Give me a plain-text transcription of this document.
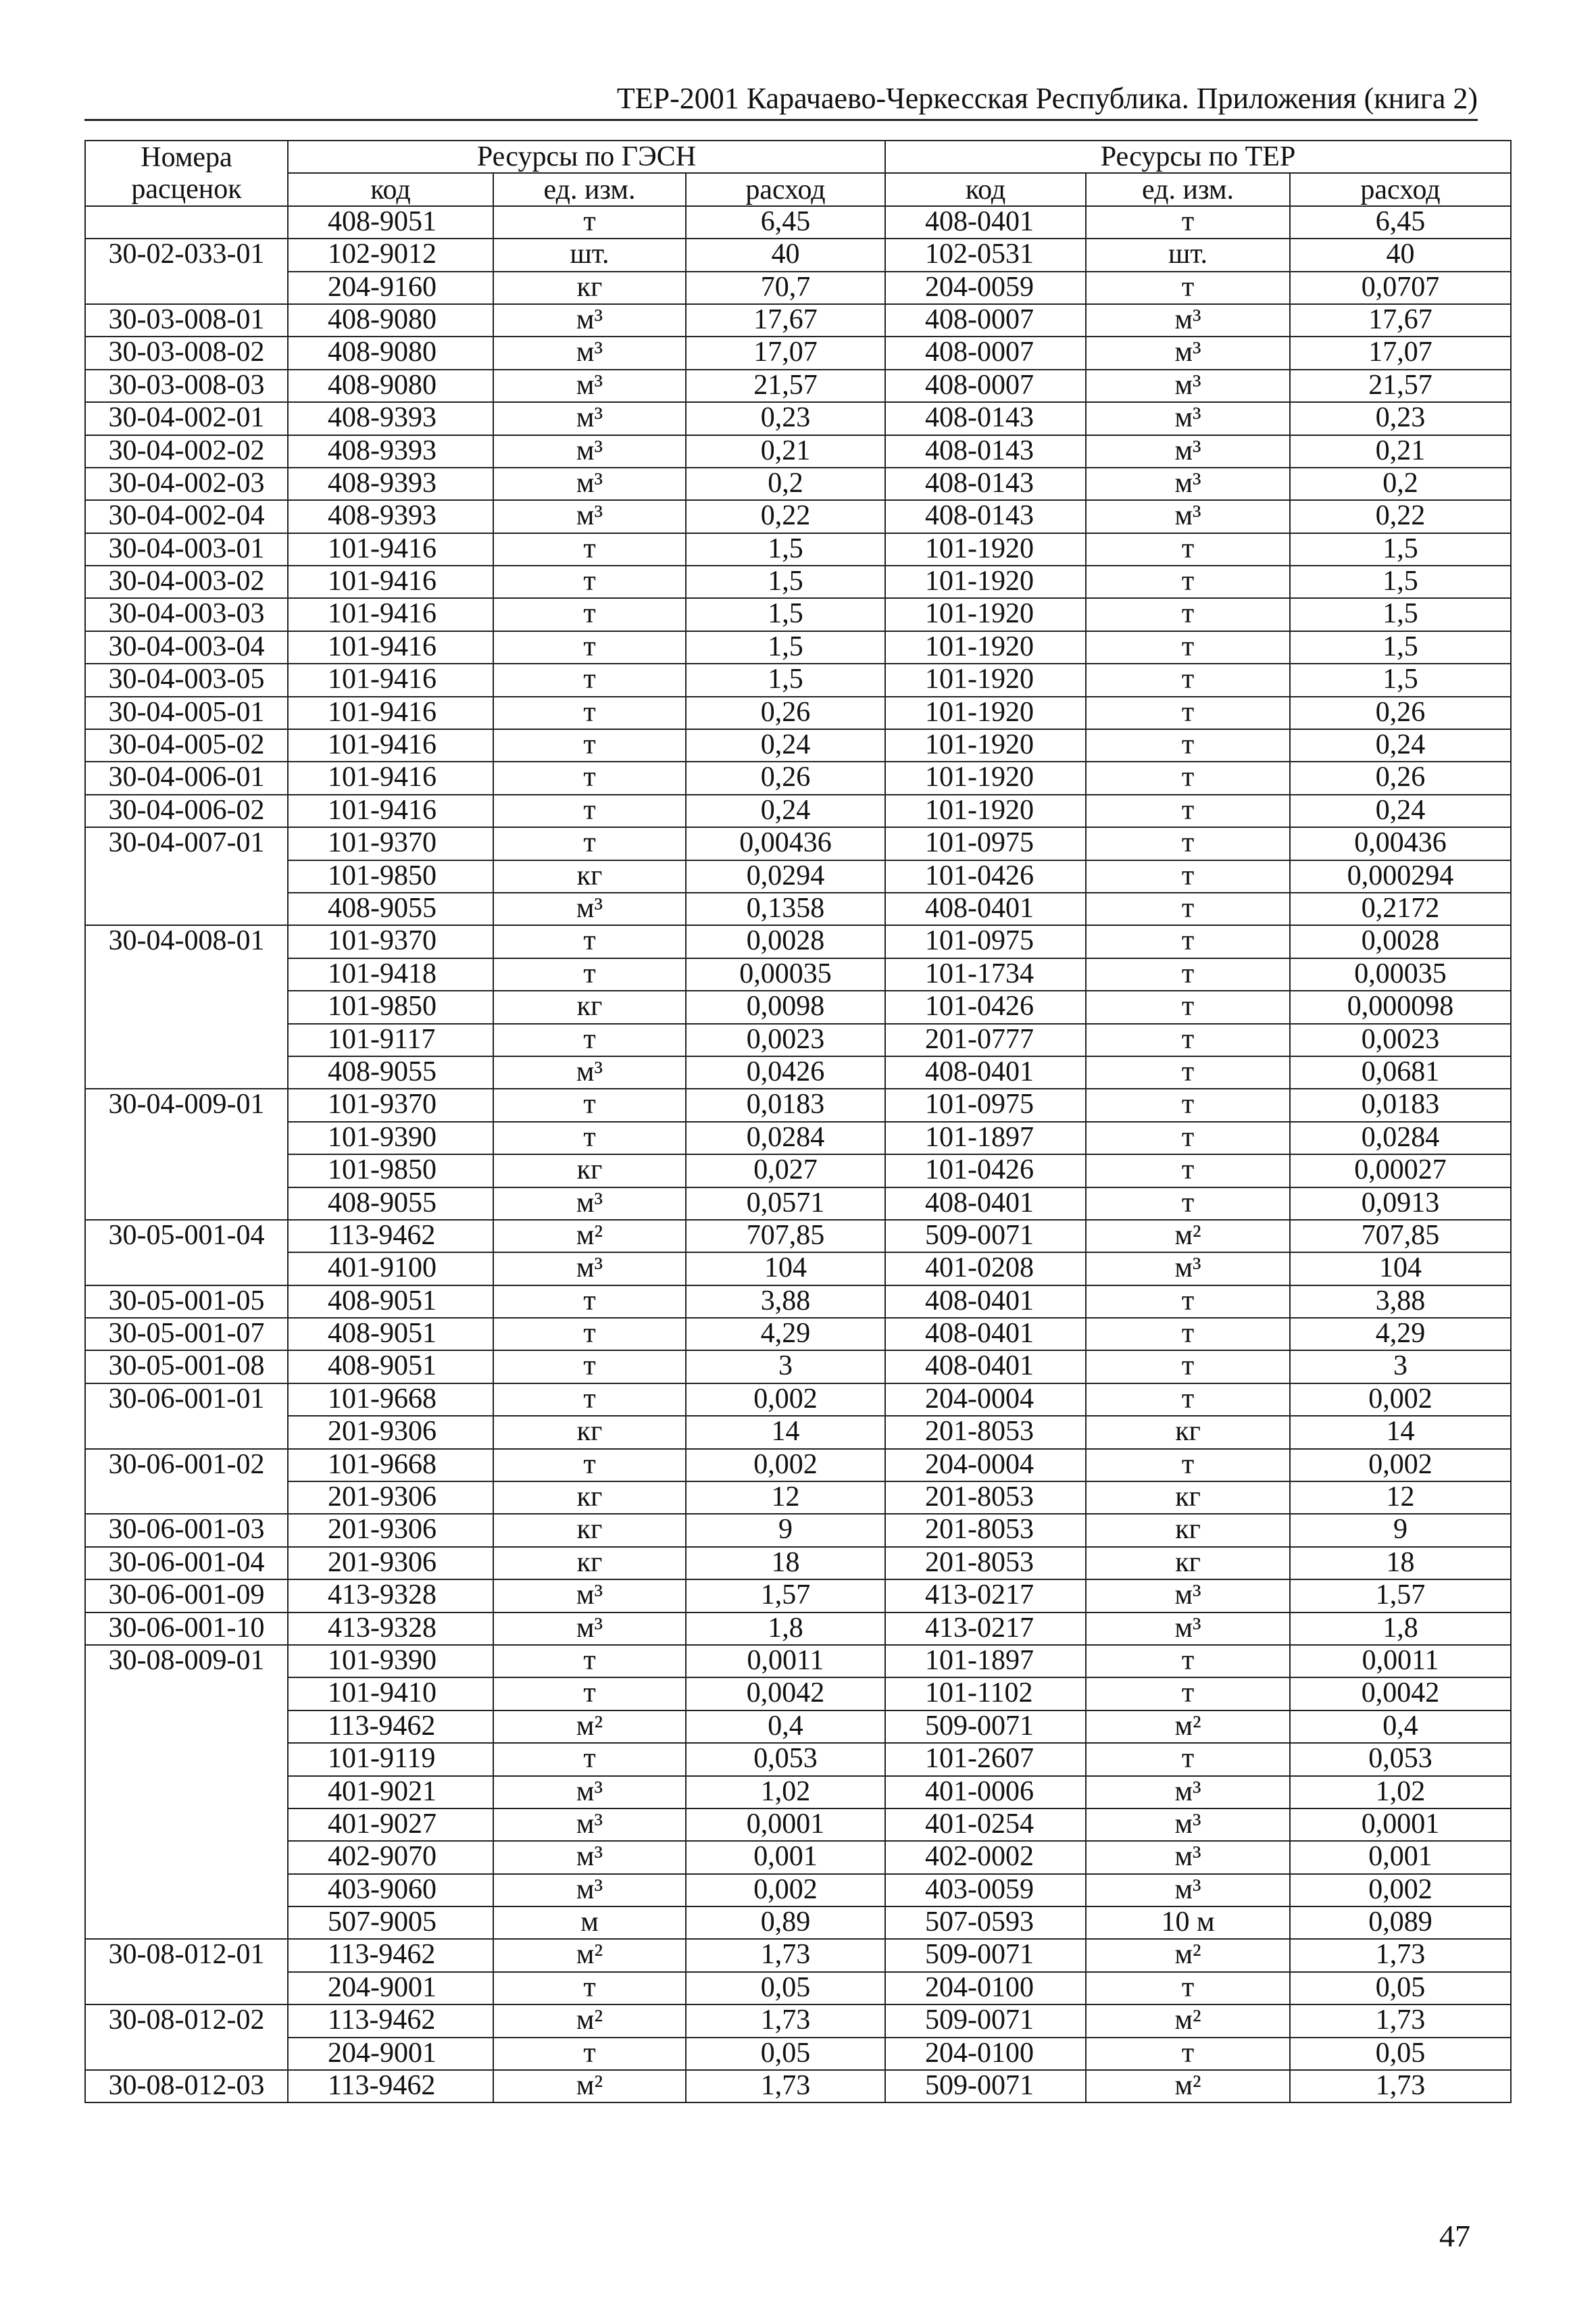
ТЕР-2001 Карачаево-Черкесская Республика. Приложения (книга 2)
Номера	Ресурсы по ГЭСН			Ресурсы по ТЕР		
расценок	код	ед. изм.	расход	код	ед. изм.	расход
	408-9051	т	6,45	408-0401	т	6,45
30-02-033-01	102-9012	шт.	40	102-0531	шт.	40
	204-9160	кг	70,7	204-0059	т	0,0707
30-03-008-01	408-9080	м³	17,67	408-0007	м³	17,67
30-03-008-02	408-9080	м³	17,07	408-0007	м³	17,07
30-03-008-03	408-9080	м³	21,57	408-0007	м³	21,57
30-04-002-01	408-9393	м³	0,23	408-0143	м³	0,23
30-04-002-02	408-9393	м³	0,21	408-0143	м³	0,21
30-04-002-03	408-9393	м³	0,2	408-0143	м³	0,2
30-04-002-04	408-9393	м³	0,22	408-0143	м³	0,22
30-04-003-01	101-9416	т	1,5	101-1920	т	1,5
30-04-003-02	101-9416	т	1,5	101-1920	т	1,5
30-04-003-03	101-9416	т	1,5	101-1920	т	1,5
30-04-003-04	101-9416	т	1,5	101-1920	т	1,5
30-04-003-05	101-9416	т	1,5	101-1920	т	1,5
30-04-005-01	101-9416	т	0,26	101-1920	т	0,26
30-04-005-02	101-9416	т	0,24	101-1920	т	0,24
30-04-006-01	101-9416	т	0,26	101-1920	т	0,26
30-04-006-02	101-9416	т	0,24	101-1920	т	0,24
30-04-007-01	101-9370	т	0,00436	101-0975	т	0,00436
	101-9850	кг	0,0294	101-0426	т	0,000294
	408-9055	м³	0,1358	408-0401	т	0,2172
30-04-008-01	101-9370	т	0,0028	101-0975	т	0,0028
	101-9418	т	0,00035	101-1734	т	0,00035
	101-9850	кг	0,0098	101-0426	т	0,000098
	101-9117	т	0,0023	201-0777	т	0,0023
	408-9055	м³	0,0426	408-0401	т	0,0681
30-04-009-01	101-9370	т	0,0183	101-0975	т	0,0183
	101-9390	т	0,0284	101-1897	т	0,0284
	101-9850	кг	0,027	101-0426	т	0,00027
	408-9055	м³	0,0571	408-0401	т	0,0913
30-05-001-04	113-9462	м²	707,85	509-0071	м²	707,85
	401-9100	м³	104	401-0208	м³	104
30-05-001-05	408-9051	т	3,88	408-0401	т	3,88
30-05-001-07	408-9051	т	4,29	408-0401	т	4,29
30-05-001-08	408-9051	т	3	408-0401	т	3
30-06-001-01	101-9668	т	0,002	204-0004	т	0,002
	201-9306	кг	14	201-8053	кг	14
30-06-001-02	101-9668	т	0,002	204-0004	т	0,002
	201-9306	кг	12	201-8053	кг	12
30-06-001-03	201-9306	кг	9	201-8053	кг	9
30-06-001-04	201-9306	кг	18	201-8053	кг	18
30-06-001-09	413-9328	м³	1,57	413-0217	м³	1,57
30-06-001-10	413-9328	м³	1,8	413-0217	м³	1,8
30-08-009-01	101-9390	т	0,0011	101-1897	т	0,0011
	101-9410	т	0,0042	101-1102	т	0,0042
	113-9462	м²	0,4	509-0071	м²	0,4
	101-9119	т	0,053	101-2607	т	0,053
	401-9021	м³	1,02	401-0006	м³	1,02
	401-9027	м³	0,0001	401-0254	м³	0,0001
	402-9070	м³	0,001	402-0002	м³	0,001
	403-9060	м³	0,002	403-0059	м³	0,002
	507-9005	м	0,89	507-0593	10 м	0,089
30-08-012-01	113-9462	м²	1,73	509-0071	м²	1,73
	204-9001	т	0,05	204-0100	т	0,05
30-08-012-02	113-9462	м²	1,73	509-0071	м²	1,73
	204-9001	т	0,05	204-0100	т	0,05
30-08-012-03	113-9462	м²	1,73	509-0071	м²	1,73
47
